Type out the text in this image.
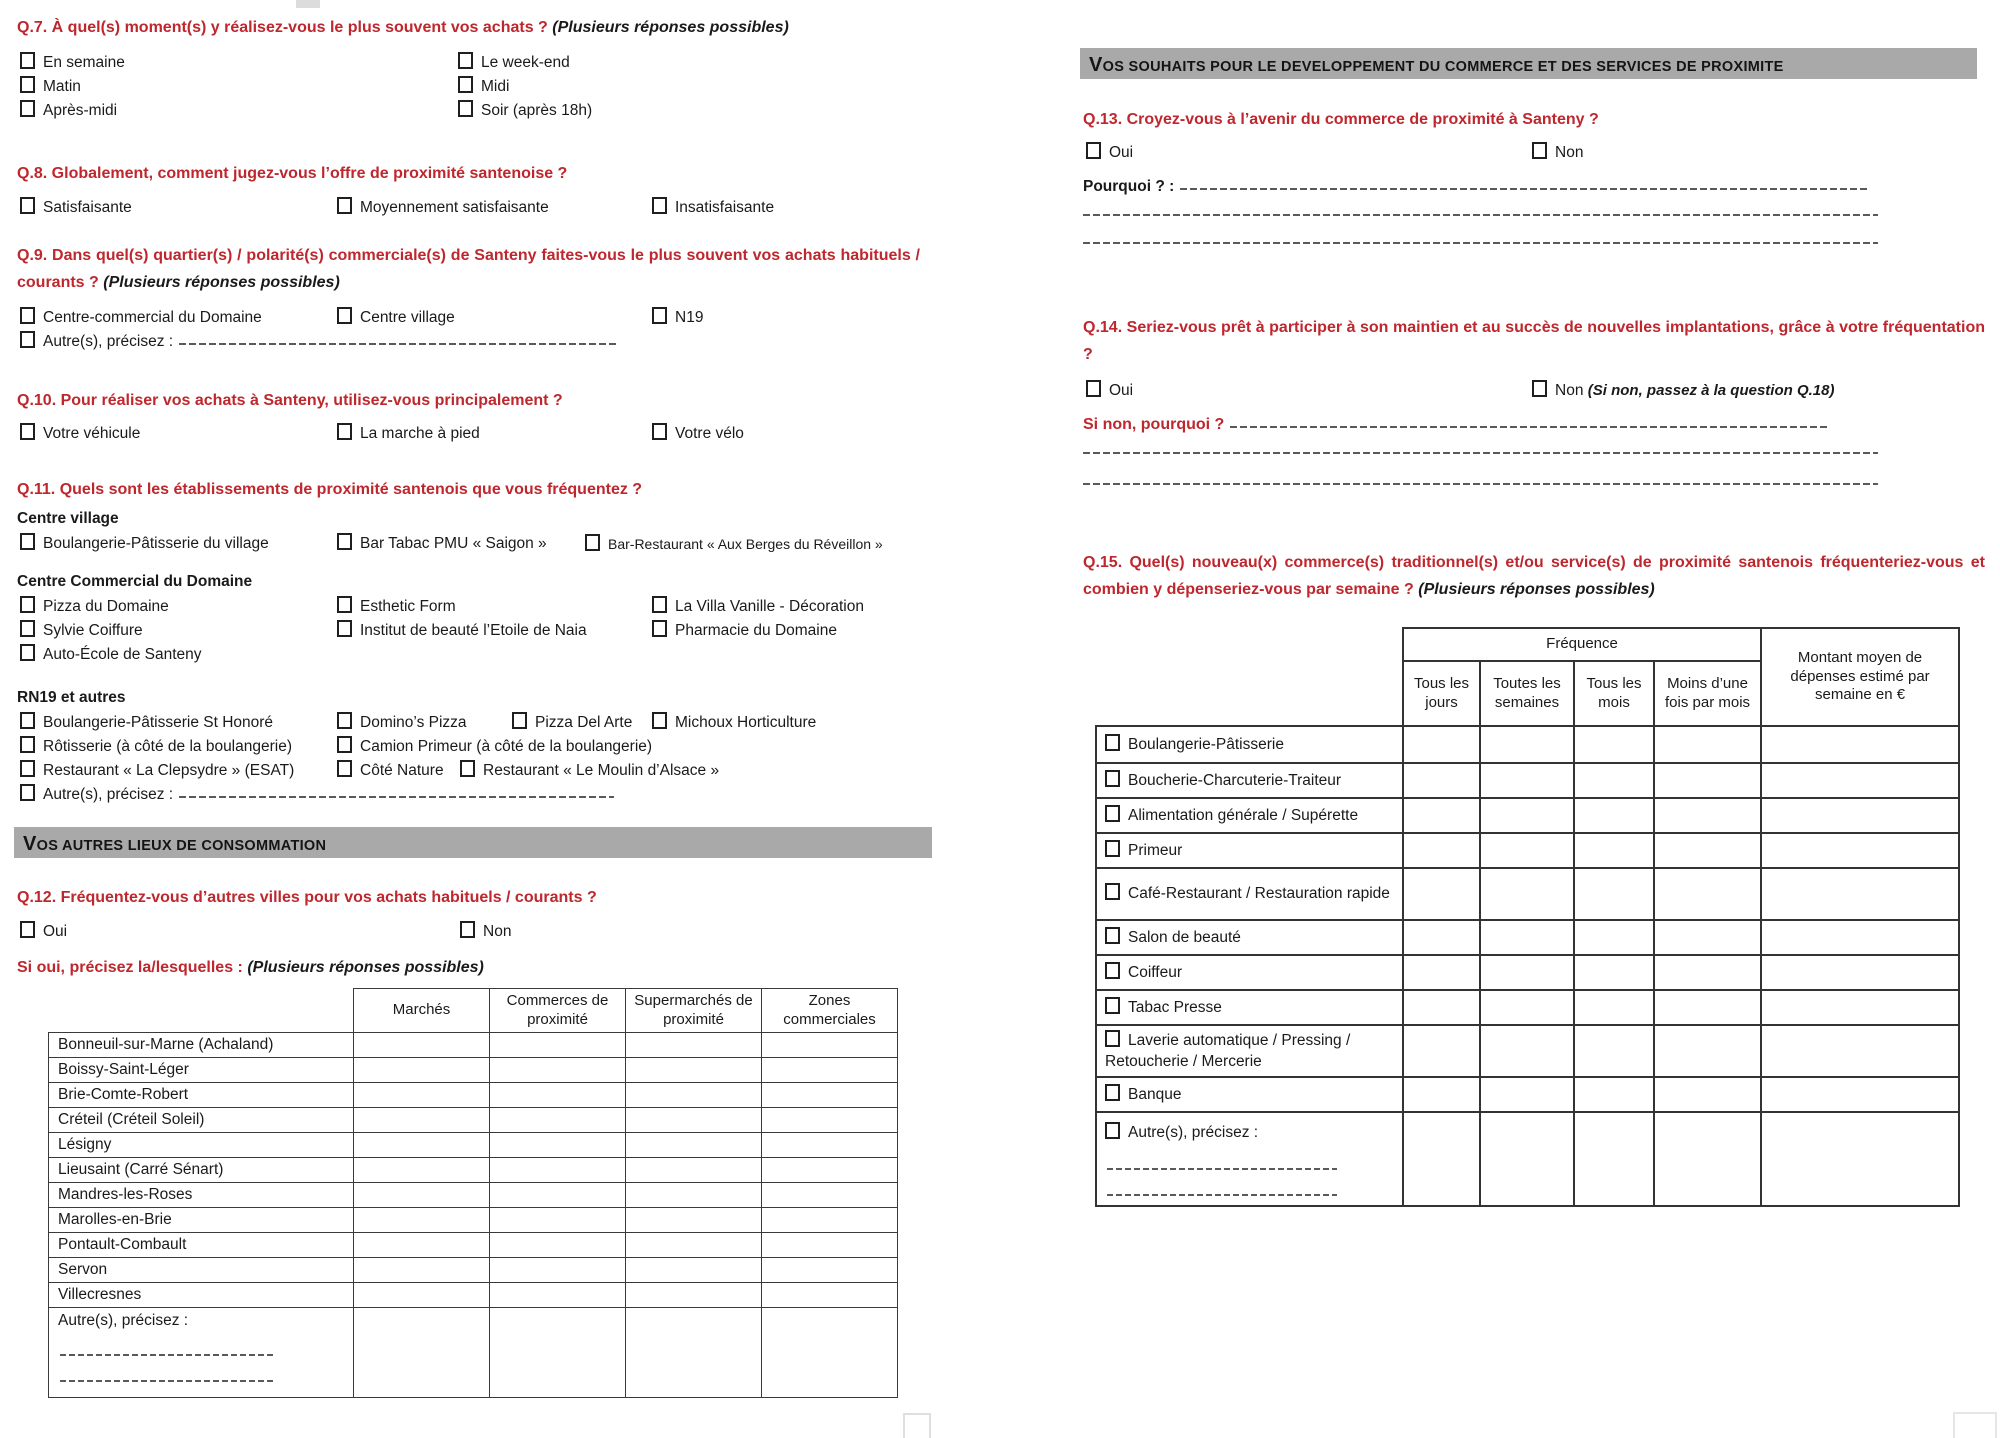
Q.7. À quel(s) moment(s) y réalisez-vous le plus souvent vos achats ? (Plusieurs réponses possibles)
En semaine
Matin
Après-midi
Le week-end
Midi
Soir (après 18h)
Q.8. Globalement, comment jugez-vous l’offre de proximité santenoise ?
Satisfaisante	Moyennement satisfaisante	Insatisfaisante
Q.9. Dans quel(s) quartier(s) / polarité(s) commerciale(s) de Santeny faites-vous le plus souvent vos achats habituels / courants ? (Plusieurs réponses possibles)
Centre-commercial du Domaine	Centre village	N19
Autre(s), précisez :
Q.10. Pour réaliser vos achats à Santeny, utilisez-vous principalement ?
Votre véhicule	La marche à pied	Votre vélo
Q.11. Quels sont les établissements de proximité santenois que vous fréquentez ?
Centre village
Boulangerie-Pâtisserie du village	Bar Tabac PMU « Saigon »	Bar-Restaurant « Aux Berges du Réveillon »
Centre Commercial du Domaine
Pizza du Domaine	Esthetic Form	La Villa Vanille - Décoration
Sylvie Coiffure	Institut de beauté l’Etoile de Naia	Pharmacie du Domaine
Auto-École de Santeny
RN19 et autres
Boulangerie-Pâtisserie St Honoré	Domino’s Pizza	Pizza Del Arte	Michoux Horticulture
Rôtisserie (à côté de la boulangerie)	Camion Primeur (à côté de la boulangerie)
Restaurant « La Clepsydre » (ESAT)	Côté Nature	Restaurant « Le Moulin d’Alsace »
Autre(s), précisez :
VOS AUTRES LIEUX DE CONSOMMATION
Q.12. Fréquentez-vous d’autres villes pour vos achats habituels / courants ?
Oui	Non
Si oui, précisez la/lesquelles : (Plusieurs réponses possibles)
	Marchés	Commerces de proximité	Supermarchés de proximité	Zones commerciales
Bonneuil-sur-Marne (Achaland)				
Boissy-Saint-Léger				
Brie-Comte-Robert				
Créteil (Créteil Soleil)				
Lésigny				
Lieusaint (Carré Sénart)				
Mandres-les-Roses				
Marolles-en-Brie				
Pontault-Combault				
Servon				
Villecresnes				
Autre(s), précisez :

VOS SOUHAITS POUR LE DEVELOPPEMENT DU COMMERCE ET DES SERVICES DE PROXIMITE
Q.13. Croyez-vous à l’avenir du commerce de proximité à Santeny ?
Oui	Non
Pourquoi ? :
Q.14. Seriez-vous prêt à participer à son maintien et au succès de nouvelles implantations, grâce à votre fréquentation ?
Oui	Non (Si non, passez à la question Q.18)
Si non, pourquoi ?
Q.15. Quel(s) nouveau(x) commerce(s) traditionnel(s) et/ou service(s) de proximité santenois fréquenteriez-vous et combien y dépenseriez-vous par semaine ? (Plusieurs réponses possibles)
	Fréquence				Montant moyen de dépenses estimé par semaine en €
	Tous les jours	Toutes les semaines	Tous les mois	Moins d’une fois par mois	
Boulangerie-Pâtisserie					
Boucherie-Charcuterie-Traiteur					
Alimentation générale / Supérette					
Primeur					
Café-Restaurant / Restauration rapide					
Salon de beauté					
Coiffeur					
Tabac Presse					
Laverie automatique / Pressing / Retoucherie / Mercerie					
Banque					
Autre(s), précisez :
